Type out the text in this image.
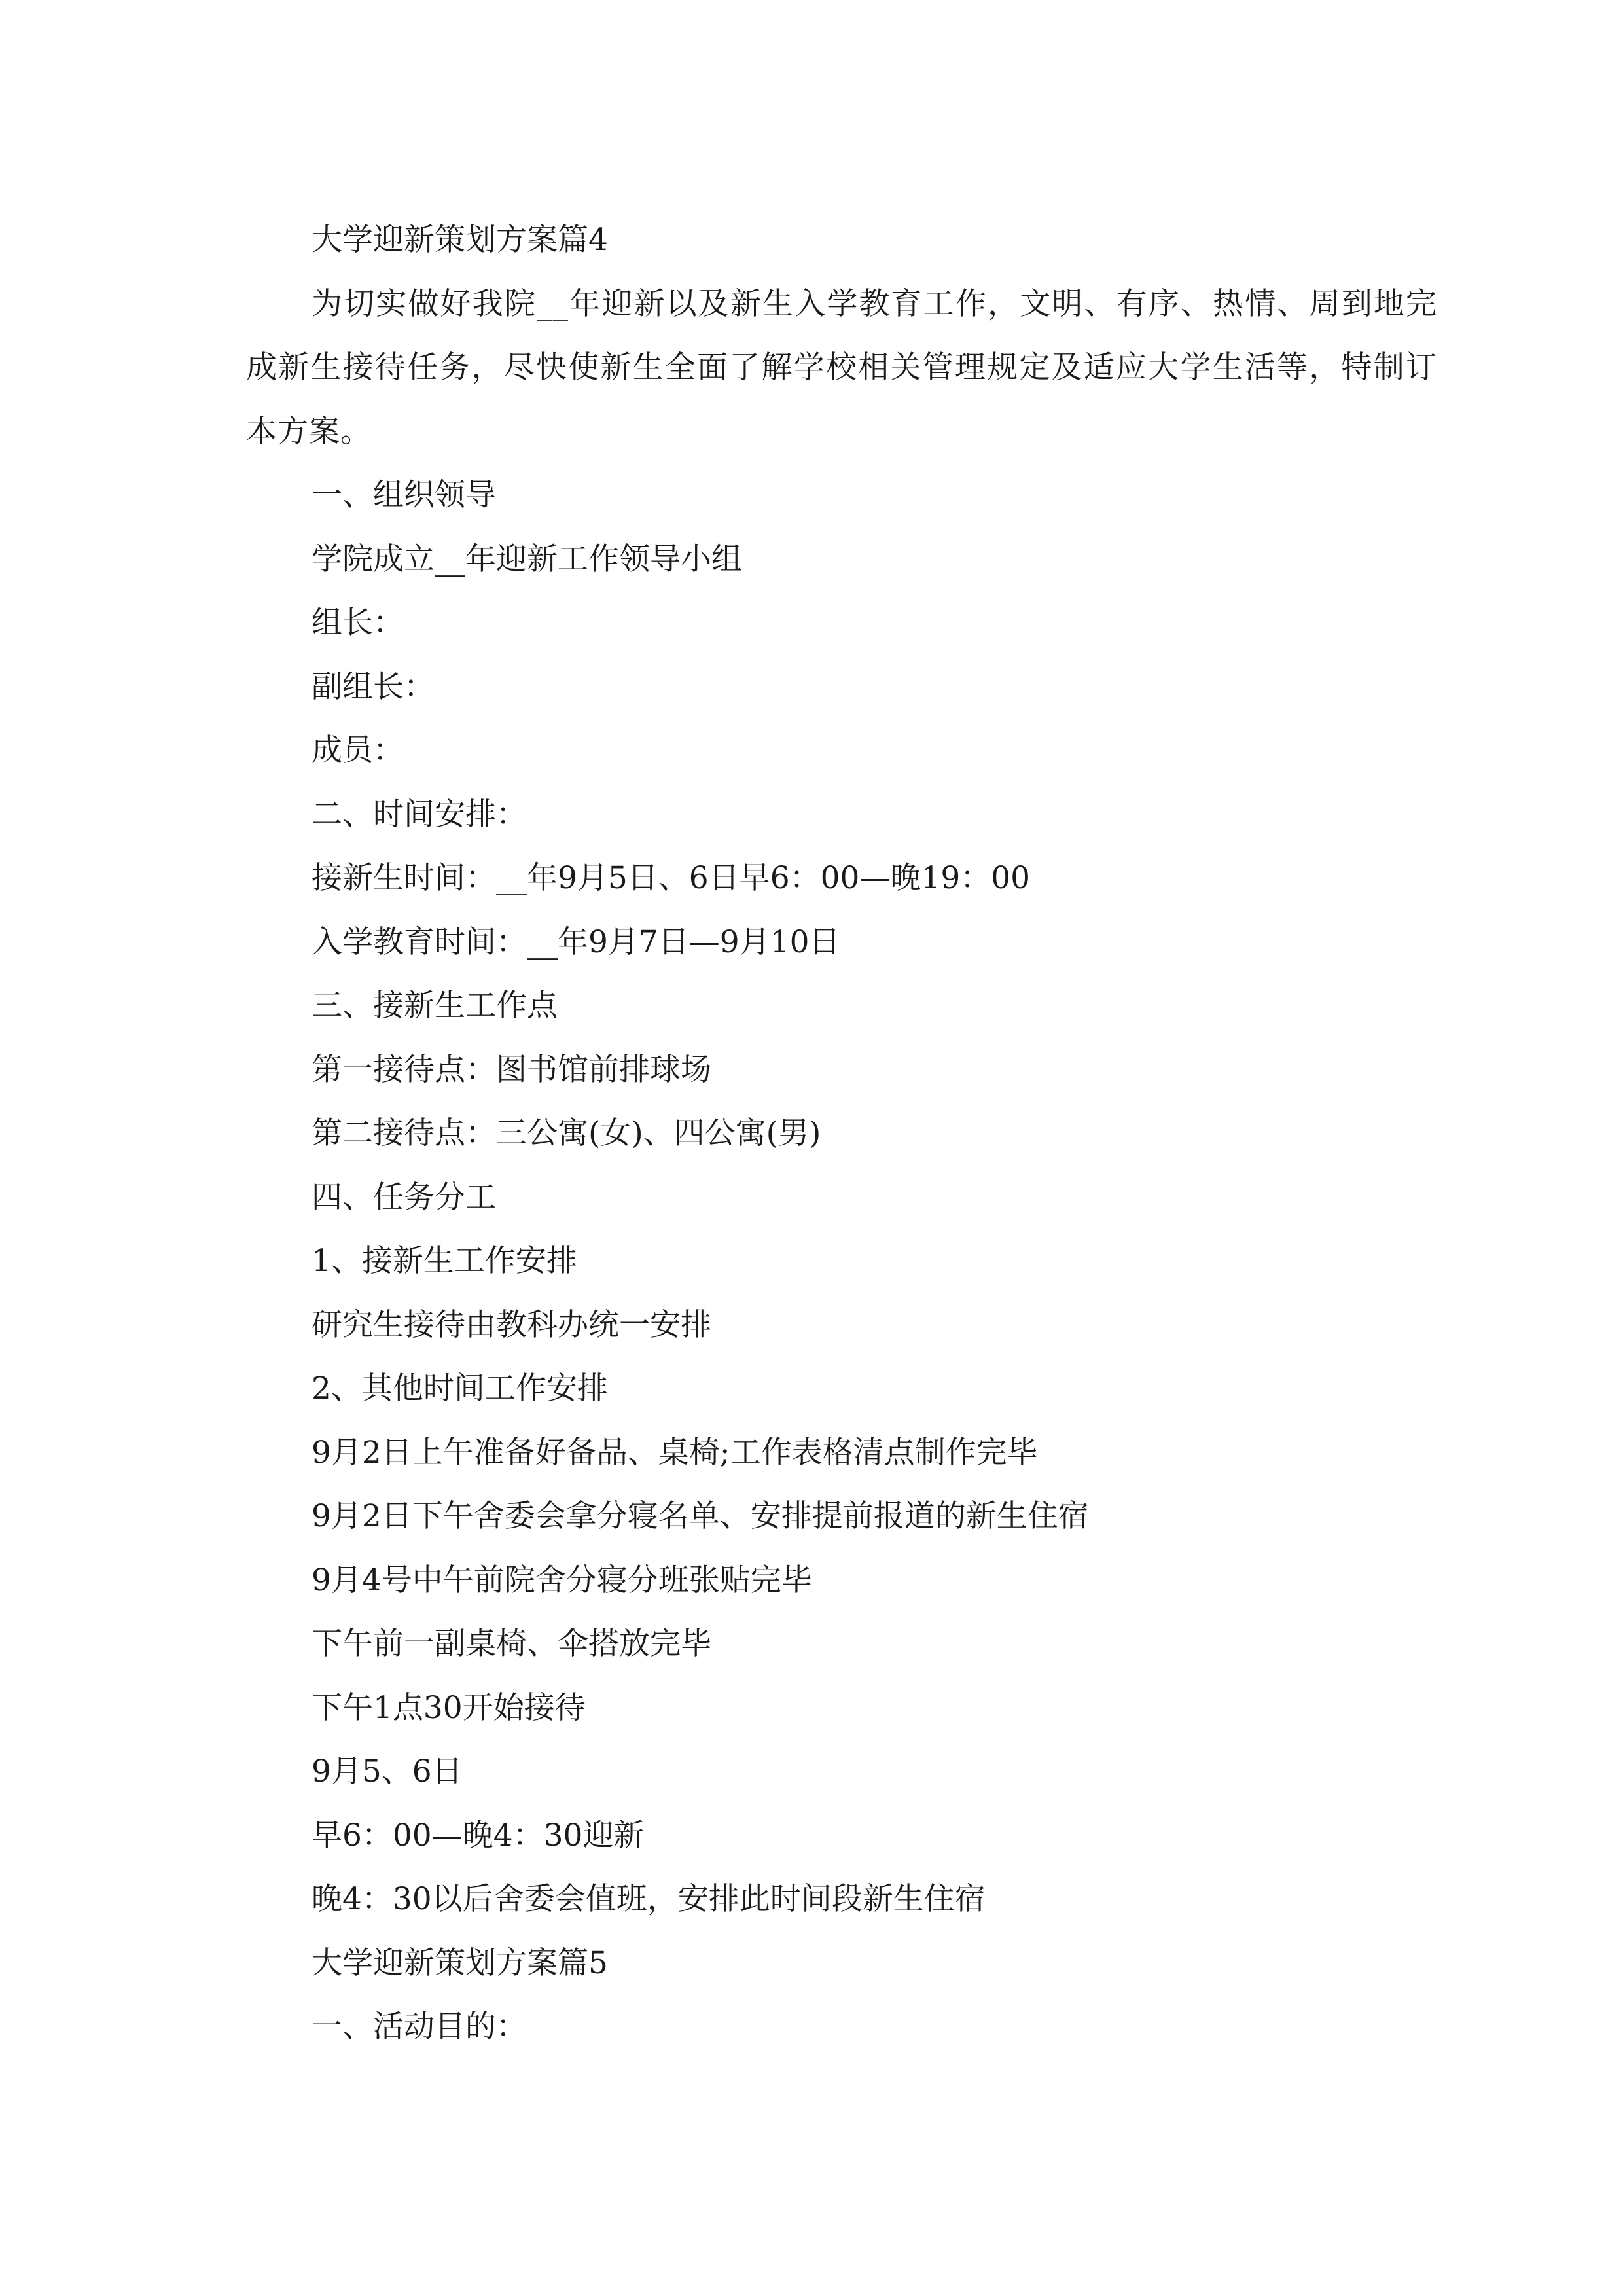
大学迎新策划方案篇4

为切实做好我院__年迎新以及新生入学教育工作，文明、有序、热情、周到地完成新生接待任务，尽快使新生全面了解学校相关管理规定及适应大学生活等，特制订本方案。

一、组织领导
学院成立__年迎新工作领导小组
组长：
副组长：
成员：
二、时间安排：
接新生时间：__年9月5日、6日早6：00—晚19：00
入学教育时间：__年9月7日—9月10日
三、接新生工作点
第一接待点：图书馆前排球场
第二接待点：三公寓(女)、四公寓(男)
四、任务分工
1、接新生工作安排
研究生接待由教科办统一安排
2、其他时间工作安排
9月2日上午准备好备品、桌椅;工作表格清点制作完毕
9月2日下午舍委会拿分寝名单、安排提前报道的新生住宿
9月4号中午前院舍分寝分班张贴完毕
下午前一副桌椅、伞搭放完毕
下午1点30开始接待
9月5、6日
早6：00—晚4：30迎新
晚4：30以后舍委会值班，安排此时间段新生住宿
大学迎新策划方案篇5
一、活动目的：
